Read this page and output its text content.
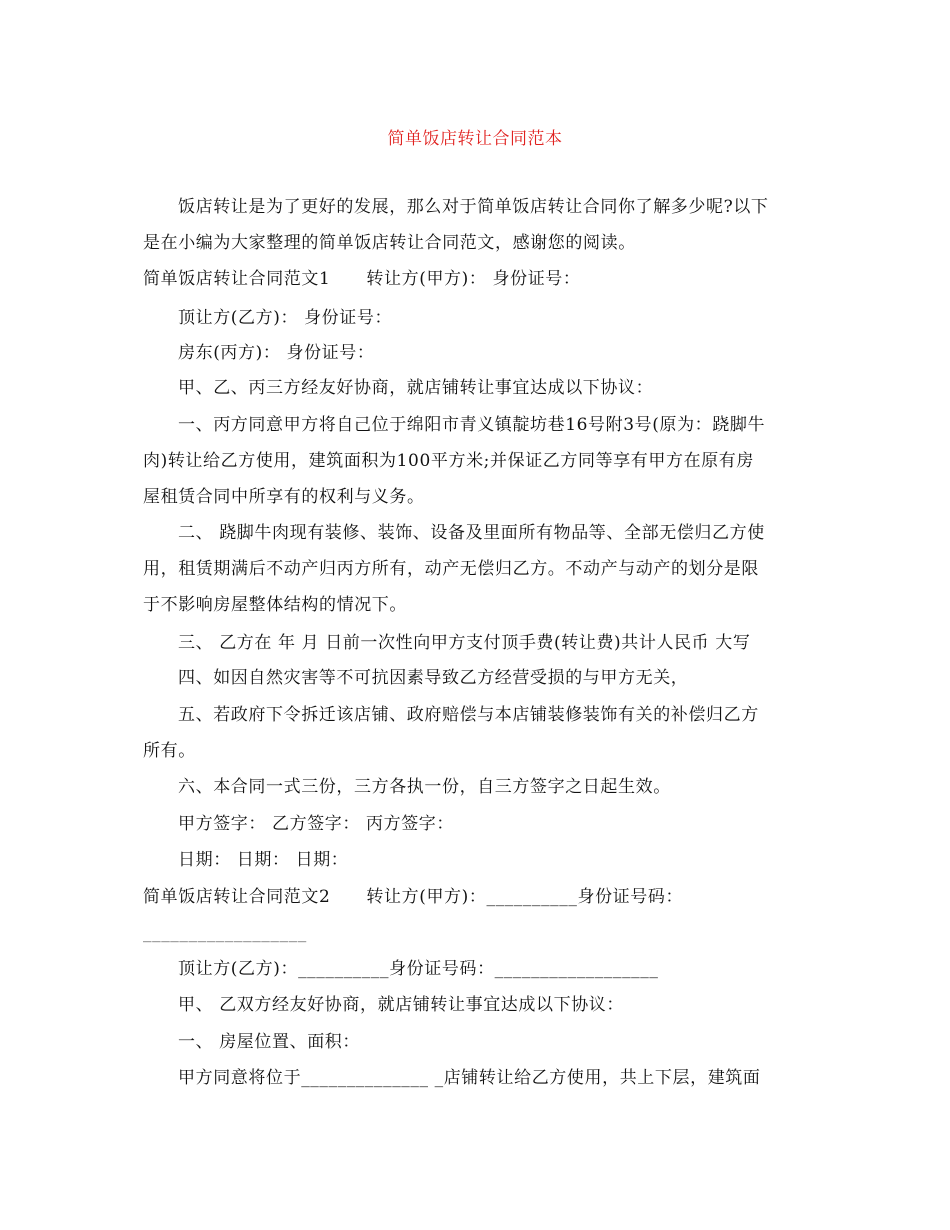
简单饭店转让合同范本
饭店转让是为了更好的发展，那么对于简单饭店转让合同你了解多少呢?以下
是在小编为大家整理的简单饭店转让合同范文，感谢您的阅读。
简单饭店转让合同范文1 转让方(甲方)： 身份证号：
顶让方(乙方)： 身份证号：
房东(丙方)： 身份证号：
甲、乙、丙三方经友好协商，就店铺转让事宜达成以下协议：
一、丙方同意甲方将自己位于绵阳市青义镇靛坊巷16号附3号(原为：跷脚牛
肉)转让给乙方使用，建筑面积为100平方米;并保证乙方同等享有甲方在原有房
屋租赁合同中所享有的权利与义务。
二、 跷脚牛肉现有装修、装饰、设备及里面所有物品等、全部无偿归乙方使
用，租赁期满后不动产归丙方所有，动产无偿归乙方。不动产与动产的划分是限
于不影响房屋整体结构的情况下。
三、 乙方在 年 月 日前一次性向甲方支付顶手费(转让费)共计人民币 大写
四、如因自然灾害等不可抗因素导致乙方经营受损的与甲方无关，
五、若政府下令拆迁该店铺、政府赔偿与本店铺装修装饰有关的补偿归乙方
所有。
六、本合同一式三份，三方各执一份，自三方签字之日起生效。
甲方签字： 乙方签字： 丙方签字：
日期： 日期： 日期：
简单饭店转让合同范文2 转让方(甲方)：__________身份证号码：
__________________
顶让方(乙方)：__________身份证号码：__________________
甲、 乙双方经友好协商，就店铺转让事宜达成以下协议：
一、 房屋位置、面积：
甲方同意将位于______________ _店铺转让给乙方使用，共上下层，建筑面
